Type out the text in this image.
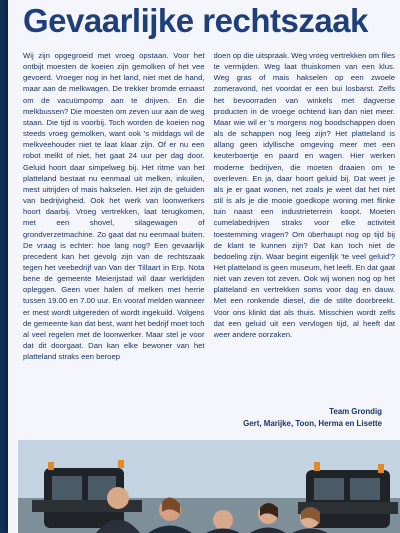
Gevaarlijke rechtszaak

Wij zijn opgegroeid met vroeg opstaan. Voor het ontbijt moesten de koeien zijn gemolken of het vee gevoerd. Vroeger nog in het land, niet met de hand, maar aan de melkwagen. De trekker bromde ernaast om de vacuümpomp aan te drijven. En die melkbussen? Die moesten om zeven uur aan de weg staan. Die tijd is voorbij. Toch worden de koeien nog steeds vroeg gemolken, want ook 's middags wil de melkveehouder niet te laat klaar zijn. Of er nu een robot melkt of niet, het gaat 24 uur per dag door. Geluid hoort daar simpelweg bij. Het ritme van het platteland bestaat nu eenmaal uit melken, inkuilen, mest uitrijden of mais hakselen. Het zijn de geluiden van bedrijvigheid. Ook het werk van loonwerkers hoort daarbij. Vroeg vertrekken, laat terugkomen, met een shovel, silagewagen of grondverzetmachine. Zo gaat dat nu eenmaal buiten. De vraag is echter: hoe lang nog? Een gevaarlijk precedent kan het gevolg zijn van de rechtszaak tegen het veebedrijf van Van der Tillaart in Erp. Nota bene de gemeente Meierijstad wil daar werktijden opleggen. Geen voer halen of melken met herrie tussen 19.00 en 7.00 uur. En vooraf melden wanneer er mest wordt uitgereden of wordt ingekuild. Volgens de gemeente kan dat best, want het bedrijf moet toch al veel regelen met de loonwerker. Maar stel je voor dat dit doorgaat. Dan kan elke bewoner van het platteland straks een beroep

doen op die uitspraak. Weg vroeg vertrekken om files te vermijden. Weg laat thuiskomen van een klus. Weg gras of mais hakselen op een zwoele zomeravond, net voordat er een bui losbarst. Zelfs het bevoorraden van winkels met dagverse producten in de vroege ochtend kan dan niet meer. Maar wie wil er 's morgens nog boodschappen doen als de schappen nog leeg zijn? Het platteland is allang geen idyllische omgeving meer met een keuterboertje en paard en wagen. Hier werken moderne bedrijven, die moeten draaien om te overleven. En ja, daar hoort geluid bij. Dat weet je als je er gaat wonen, net zoals je weet dat het niet stil is als je die mooie goedkope woning met flinke tuin naast een industrieterrein koopt. Moeten cumelabedrijven straks voor elke activiteit toestemming vragen? Om überhaupt nog op tijd bij de klant te kunnen zijn? Dat kan toch niet de bedoeling zijn. Waar begint eigenlijk 'te veel geluid'? Het platteland is geen museum, het leeft. En dat gaat niet van zeven tot zeven. Ook wij wonen nog op het platteland en vertrekken soms voor dag en dauw. Met een ronkende diesel, die de stilte doorbreekt. Voor ons klinkt dat als thuis. Misschien wordt zelfs dat een geluid uit een vervlogen tijd, al heeft dat weer andere oorzaken.

Team Grondig
Gert, Marijke, Toon, Herma en Lisette
